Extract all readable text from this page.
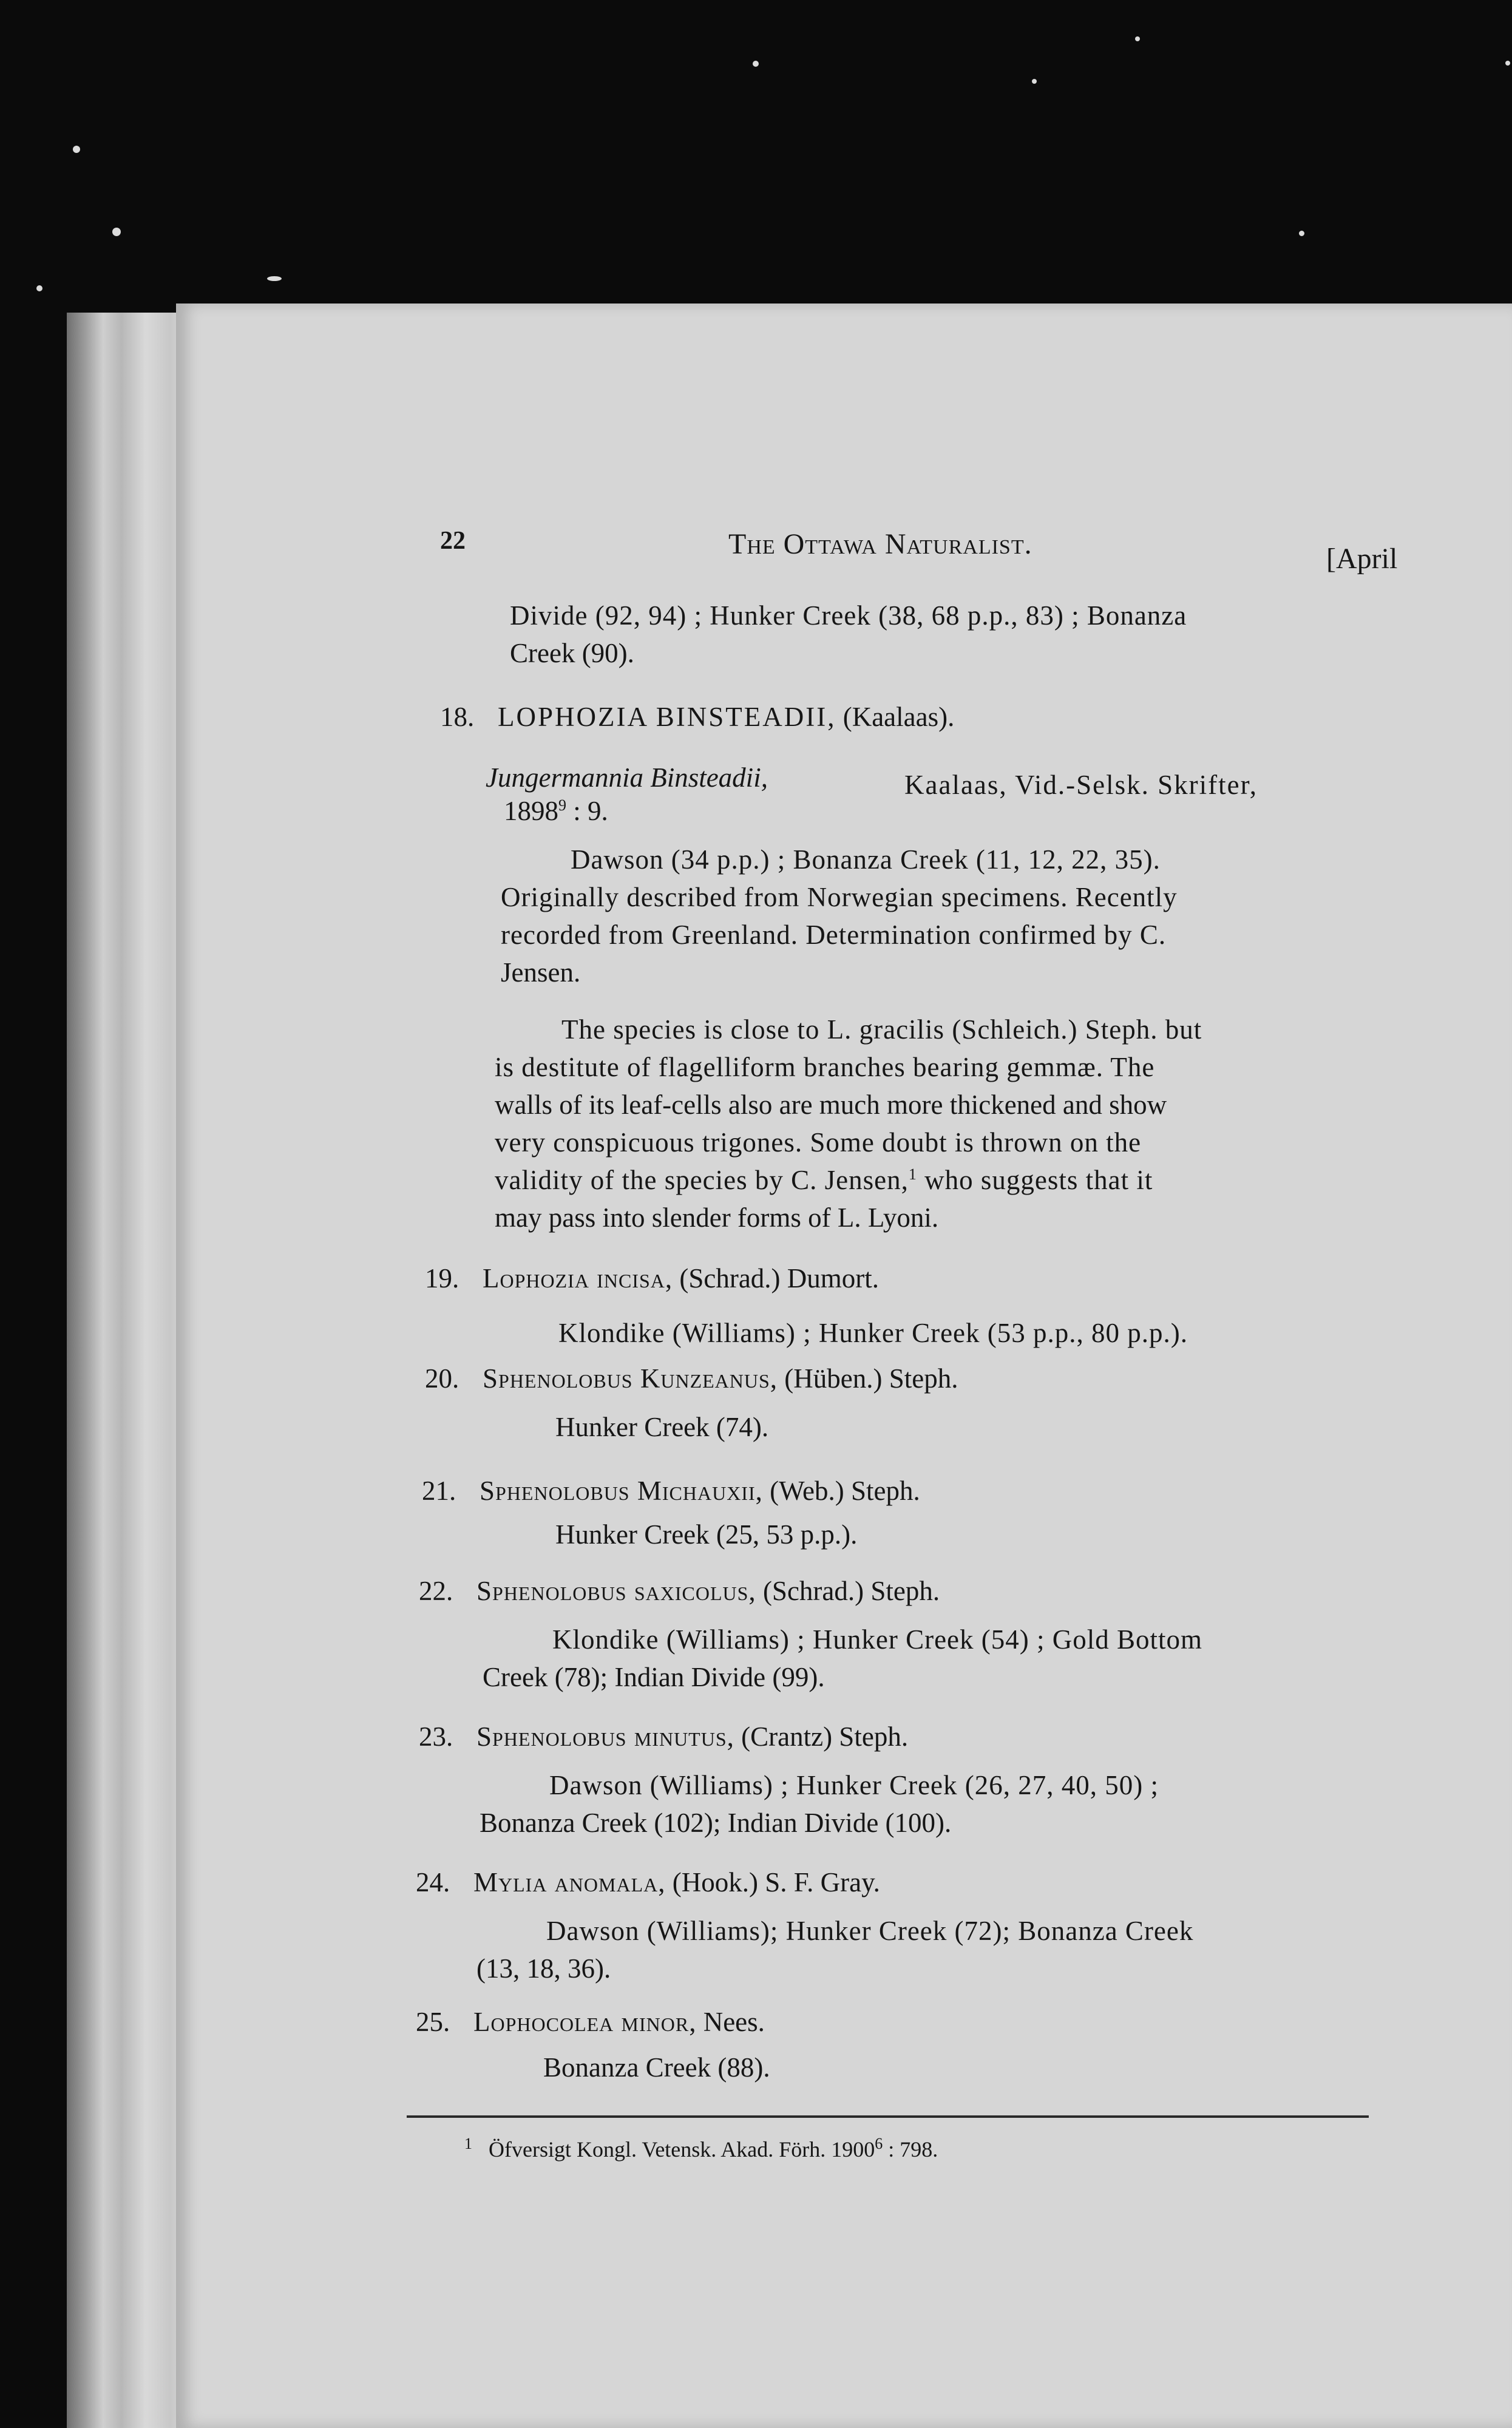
22	The Ottawa Naturalist.	[April
Divide (92, 94) ; Hunker Creek (38, 68 p.p., 83) ; Bonanza
Creek (90).
18. LOPHOZIA BINSTEADII, (Kaalaas).
Jungermannia Binsteadii,	Kaalaas, Vid.-Selsk. Skrifter,
1898$^9$ : 9.
Dawson (34 p.p.) ; Bonanza Creek (11, 12, 22, 35).
Originally described from Norwegian specimens. Recently
recorded from Greenland. Determination confirmed by C.
Jensen.
The species is close to L. gracilis (Schleich.) Steph. but
is destitute of flagelliform branches bearing gemmæ. The
walls of its leaf-cells also are much more thickened and show
very conspicuous trigones. Some doubt is thrown on the
validity of the species by C. Jensen,$^1$ who suggests that it
may pass into slender forms of L. Lyoni.
19. Lophozia incisa, (Schrad.) Dumort.
Klondike (Williams) ; Hunker Creek (53 p.p., 80 p.p.).
20. Sphenolobus Kunzeanus, (Hüben.) Steph.
Hunker Creek (74).
21. Sphenolobus Michauxii, (Web.) Steph.
Hunker Creek (25, 53 p.p.).
22. Sphenolobus saxicolus, (Schrad.) Steph.
Klondike (Williams) ; Hunker Creek (54) ; Gold Bottom
Creek (78); Indian Divide (99).
23. Sphenolobus minutus, (Crantz) Steph.
Dawson (Williams) ; Hunker Creek (26, 27, 40, 50) ;
Bonanza Creek (102); Indian Divide (100).
24. Mylia anomala, (Hook.) S. F. Gray.
Dawson (Williams); Hunker Creek (72); Bonanza Creek
(13, 18, 36).
25. Lophocolea minor, Nees.
Bonanza Creek (88).
$^1$ Öfversigt Kongl. Vetensk. Akad. Förh. 1900$^6$ : 798.
